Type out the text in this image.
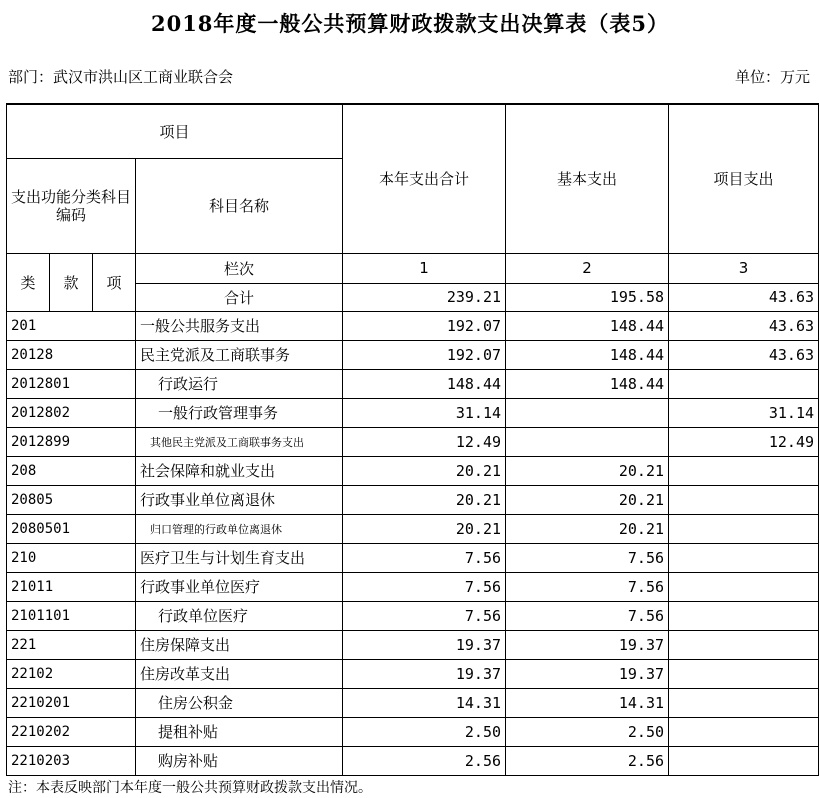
2018年度一般公共预算财政拨款支出决算表（表5）
部门：武汉市洪山区工商业联合会	单位：万元
项目				本年支出合计	基本支出	项目支出
支出功能分类科目编码			科目名称			
类	款	项	栏次	1	2	3
			合计	239.21	195.58	43.63
201			一般公共服务支出	192.07	148.44	43.63
20128			民主党派及工商联事务	192.07	148.44	43.63
2012801			行政运行	148.44	148.44	
2012802			一般行政管理事务	31.14		31.14
2012899			其他民主党派及工商联事务支出	12.49		12.49
208			社会保障和就业支出	20.21	20.21	
20805			行政事业单位离退休	20.21	20.21	
2080501			归口管理的行政单位离退休	20.21	20.21	
210			医疗卫生与计划生育支出	7.56	7.56	
21011			行政事业单位医疗	7.56	7.56	
2101101			行政单位医疗	7.56	7.56	
221			住房保障支出	19.37	19.37	
22102			住房改革支出	19.37	19.37	
2210201			住房公积金	14.31	14.31	
2210202			提租补贴	2.50	2.50	
2210203			购房补贴	2.56	2.56	
注：本表反映部门本年度一般公共预算财政拨款支出情况。
